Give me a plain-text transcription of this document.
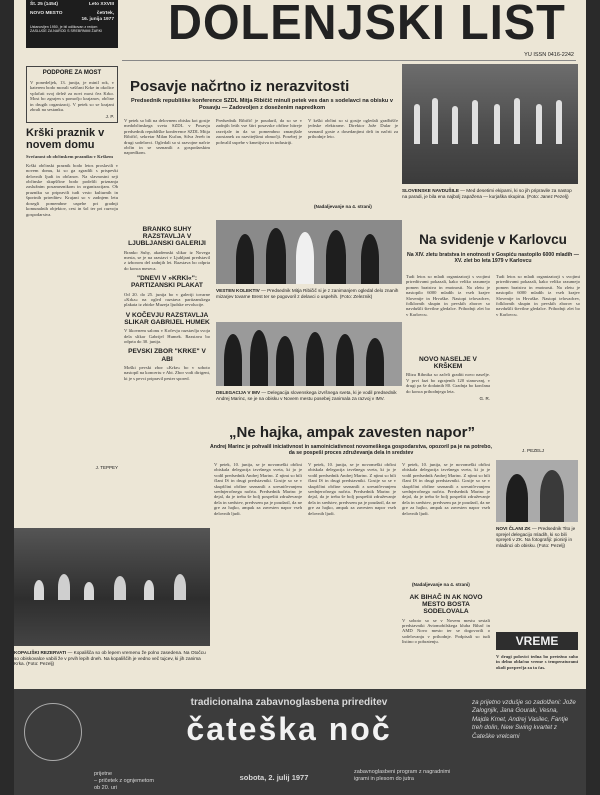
Št. 25 (1454)	Leto XXVIII
NOVO MESTO	četrtek,
16. junija 1977
Ustanovljen 1950, je bil odlikovan z redom ZASLUGE ZA NAROD S SREBRNIMI ŽARKI DOLENJSKI LIST
YU ISSN 0416-2242
PODPORE ZA MOST
V ponedeljek, 13. junija, je minil rok, v katerem bodo morali vaščani Krke in okolice vplačati svoj delež za novi most čez Krko. Most bo zgrajen s pomočjo krajanov, občine in drugih organizacij. V petek so se krajani zbrali na sestanku.
J. P.
Krški praznik v novem domu
Svečanost ob občinskem prazniku v Krškem
Krški občinski praznik bodo letos proslavili v novem domu, ki so ga zgradili s prispevki delovnih ljudi in občanov. Na slavnostni seji občinske skupščine bodo podelili priznanja zaslužnim posameznikom in organizacijam. Ob prazniku so pripravili tudi vrsto kulturnih in športnih prireditev. Krajani so v zadnjem letu dosegli pomembne uspehe pri gradnji komunalnih objektov, cest in šol ter pri razvoju gospodarstva.
J. TEPPEY
Posavje načrtno iz nerazvitosti
Predsednik republiške konference SZDL Mitja Ribičič minuli petek ves dan s sodelavci na obisku v Posavju — Zadovoljen z doseženim napredkom
V petek so bili na delovnem obisku kot gostje medobčinskega sveta SZDL v Posavju predsednik republiške konference SZDL Mitja Ribičič, sekretar Milan Kučan, Silva Jereb in drugi sodelavci. Ogledali so si razvojne načrte občin in se seznanili z gospodarskim napredkom.
Predsednik Ribičič je poudaril, da so se v zadnjih letih vse štiri posavske občine hitreje razvijale in da so pomembno zmanjšale zaostanek za razvitejšimi območji. Posebej je pohvalil uspehe v kmetijstvu in industriji.
V krški občini so si gostje ogledali gradbišče jedrske elektrarne. Direktor Jože Dular je seznanil goste z dosedanjimi deli in načrti za prihodnje leto.
(Nadaljevanje na 4. strani)
SLOVENSKE NAVDUŠILE — Med desetimi ekipami, ki so jih pripravile za nastop na paradi, je bila ena najbolj zapažena — kurjaška skupina. (Foto: Janez Pezelj)
BRANKO SUHY RAZSTAVLJA V LJUBLJANSKI GALERIJI
Branko Suhy, akademski slikar iz Novega mesta, se je na razstavi v Ljubljani predstavil z izborom del zadnjih let. Razstava bo odprta do konca meseca.
"DNEVI V »KRKI«": PARTIZANSKI PLAKAT
Od 20. do 25. junija bo v galeriji tovarne »Krka« na ogled razstava partizanskega plakata iz zbirke Muzeja ljudske revolucije.
V KOČEVJU RAZSTAVLJA SLIKAR GABRIJEL HUMEK
V likovnem salonu v Kočevju razstavlja svoja dela slikar Gabrijel Humek. Razstava bo odprta do 30. junija.
PEVSKI ZBOR "KRKE" V ABI
Moški pevski zbor »Krke« bo v soboto nastopil na koncertu v Abi. Zbor vodi dirigent, ki je s pevci pripravil pester spored.
VESTEN KOLEKTIV — Predsednik Mitja Ribičič si je z zanimanjem ogledal delo znanih mizarjev tovarne Brest ter se pogovoril z delavci o uspehih. (Foto: Zeleznik)
DELEGACIJA V IMV — Delegacija slovenskega izvršnega sveta, ki je vodil predsednik Andrej Marinc, se je na obisku v Novem mestu posebej zanimala za razvoj v IMV.
Na svidenje v Karlovcu
Na XIV. zletu bratstva in enotnosti v Gospiću nastopilo 6000 mladih — XV. zlet bo leta 1979 v Karlovcu
Tudi letos so mladi organizatorji s svojimi prireditvami pokazali, kako veliko razumejo pomen bratstva in enotnosti. Na zletu je nastopilo 6000 mladih iz vseh krajev Slovenije in Hrvaške. Nastopi telovadcev, folklornih skupin in pevskih zborov so navdušili številne gledalce. Prihodnji zlet bo v Karlovcu.
J. PEZELJ
NOVO NASELJE V KRŠKEM
Blizu Ribnika so začeli graditi novo naselje. V prvi fazi bo zgrajenih 120 stanovanj, v drugi pa še dodatnih 80. Gradnja bo končana do konca prihodnjega leta.
G. R.
Tudi letos so mladi organizatorji s svojimi prireditvami pokazali, kako veliko razumejo pomen bratstva in enotnosti. Na zletu je nastopilo 6000 mladih iz vseh krajev Slovenije in Hrvaške. Nastopi telovadcev, folklornih skupin in pevskih zborov so navdušili številne gledalce. Prihodnji zlet bo v Karlovcu.
„Ne hajka, ampak zavesten napor”
Andrej Marinc je pohvalil iniciativnost in samoiniciativnost novomeškega gospodarstva, opozoril pa je na potrebo, da se pospeši proces združevanja dela in sredstev
V petek, 10. junija, se je novomeški občini obiskala delegacija izvršnega sveta, ki jo je vodil predsednik Andrej Marinc. Z njimi so bili člani IS in drugi predstavniki. Gostje so se v skupščini občine seznanili z uresničevanjem srednjeročnega načrta. Predsednik Marinc je dejal, da je treba še bolj pospešiti združevanje dela in sredstev, predvsem pa je poudaril, da ne gre za hajko, ampak za zavesten napor vseh delovnih ljudi.
V petek, 10. junija, se je novomeški občini obiskala delegacija izvršnega sveta, ki jo je vodil predsednik Andrej Marinc. Z njimi so bili člani IS in drugi predstavniki. Gostje so se v skupščini občine seznanili z uresničevanjem srednjeročnega načrta. Predsednik Marinc je dejal, da je treba še bolj pospešiti združevanje dela in sredstev, predvsem pa je poudaril, da ne gre za hajko, ampak za zavesten napor vseh delovnih ljudi.
V petek, 10. junija, se je novomeški občini obiskala delegacija izvršnega sveta, ki jo je vodil predsednik Andrej Marinc. Z njimi so bili člani IS in drugi predstavniki. Gostje so se v skupščini občine seznanili z uresničevanjem srednjeročnega načrta. Predsednik Marinc je dejal, da je treba še bolj pospešiti združevanje dela in sredstev, predvsem pa je poudaril, da ne gre za hajko, ampak za zavesten napor vseh delovnih ljudi.
(Nadaljevanje na 4. strani)
AK BIHAČ IN AK NOVO MESTO BOSTA SODELOVALA
V soboto so se v Novem mestu sestali predstavniki Avtomobilskega kluba Bihač in AMD Novo mesto ter se dogovorili o sodelovanju v prihodnje. Podpisali so tudi listino o pobratenju.
NOVI ČLANI ZK — Predsednik Tito je sprejel delegacijo mladih, ki so bili sprejeti v ZK. Na fotografiji: pionirji in mladinci ob obisku. (Foto: Pezelj)
VREME
V drugi polovici tedna bo pretežno suho in delno oblačno vreme s temperaturami okoli povprečja za ta čas.
KOPALIŠKI REZERVATI — Kopališča so ob lepem vremenu že polno zasedena. Na Otočcu so obiskovalce vabili že v prvih lepih dneh. Na kopališčih je vedno več tujcev, ki jih zanima Krka. (Foto: Pezelj)
tradicionalna zabavnoglasbena prireditev
čateška noč
prijetne
– pričetek z ognjemetom
ob 20. uri
sobota, 2. julij 1977
zabavnoglasbeni program z nagradnimi igrami in plesom do jutra
za prijetno vzdušje so zadolženi: Jože Zalognjik, Jana Gourak, Vesna, Majda Kmet, Andrej Vasilec, Fantje treh dolin, New Swing kvartet z Čateške vrelcami
